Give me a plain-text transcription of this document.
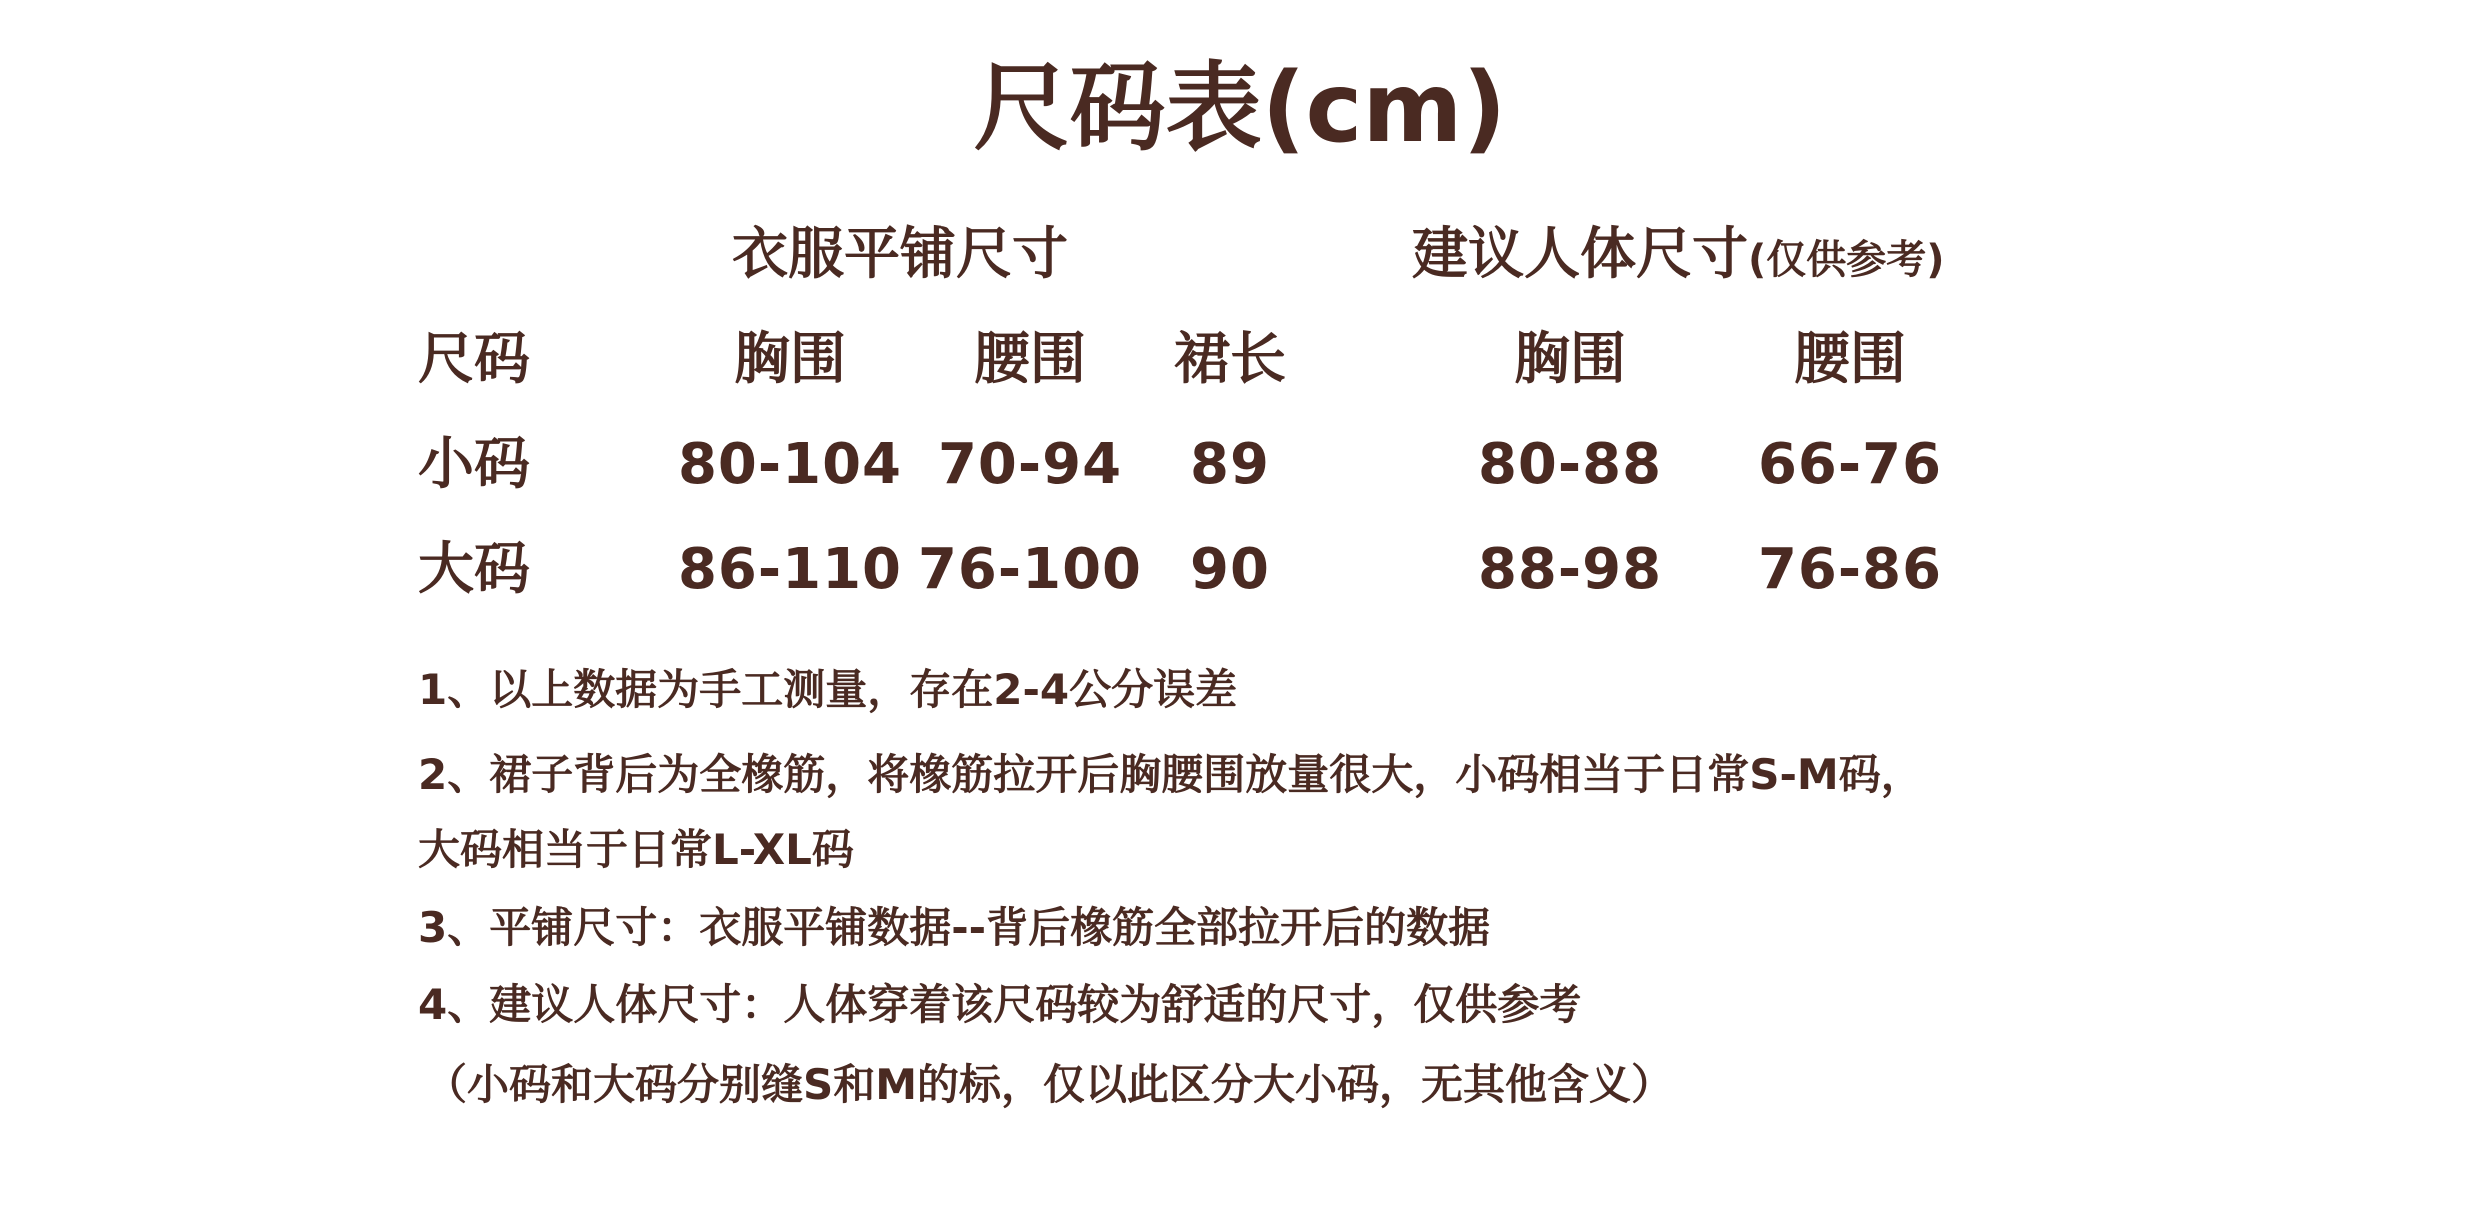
尺码表(cm)
衣服平铺尺寸	建议人体尺寸(仅供参考)
尺码	胸围	腰围	裙长	胸围	腰围
小码	80-104 70-94	89	80-88	66-76
大码	86-110 76-100 90	88-98	76-86
1、以上数据为手工测量，存在2-4公分误差
2、裙子背后为全橡筋，将橡筋拉开后胸腰围放量很大，小码相当于日常S-M码，
大码相当于日常L-XL码
3、平铺尺寸：衣服平铺数据--背后橡筋全部拉开后的数据
4、建议人体尺寸：人体穿着该尺码较为舒适的尺寸，仅供参考
（小码和大码分别缝S和M的标，仅以此区分大小码，无其他含义）
